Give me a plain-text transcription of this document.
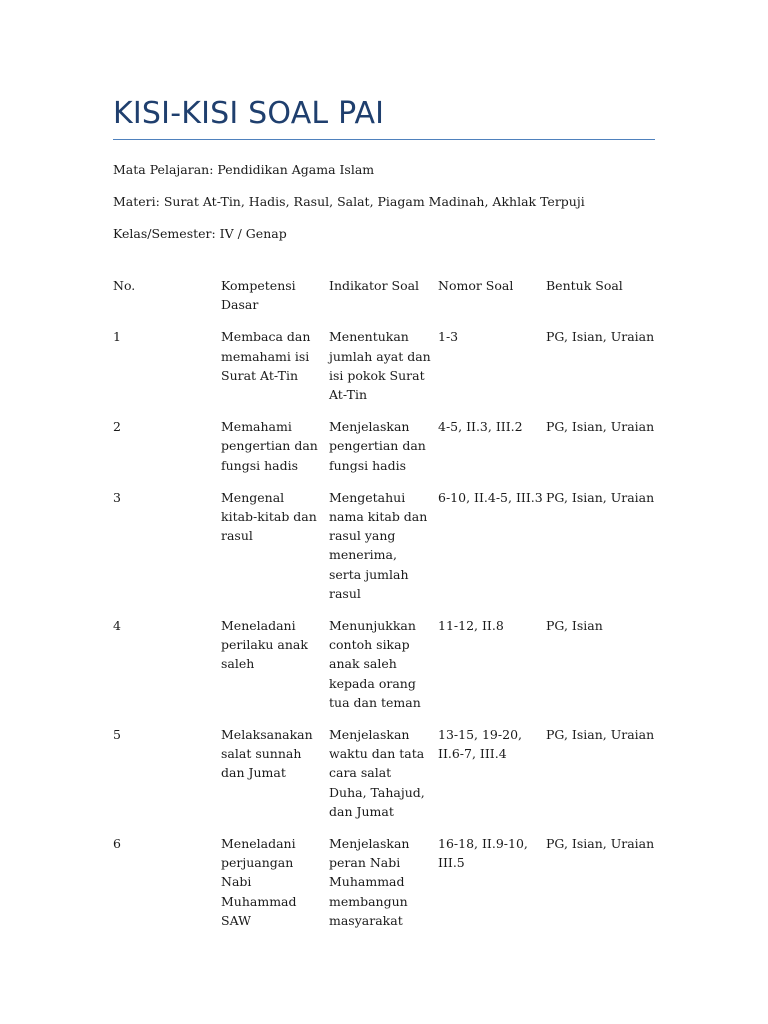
KISI-KISI SOAL PAI

Mata Pelajaran: Pendidikan Agama Islam

Materi: Surat At-Tin, Hadis, Rasul, Salat, Piagam Madinah, Akhlak Terpuji

Kelas/Semester: IV / Genap

No.	Kompetensi Dasar	Indikator Soal	Nomor Soal	Bentuk Soal
1	Membaca dan memahami isi Surat At-Tin	Menentukan jumlah ayat dan isi pokok Surat At-Tin	1-3	PG, Isian, Uraian
2	Memahami pengertian dan fungsi hadis	Menjelaskan pengertian dan fungsi hadis	4-5, II.3, III.2	PG, Isian, Uraian
3	Mengenal kitab-kitab dan rasul	Mengetahui nama kitab dan rasul yang menerima, serta jumlah rasul	6-10, II.4-5, III.3	PG, Isian, Uraian
4	Meneladani perilaku anak saleh	Menunjukkan contoh sikap anak saleh kepada orang tua dan teman	11-12, II.8	PG, Isian
5	Melaksanakan salat sunnah dan Jumat	Menjelaskan waktu dan tata cara salat Duha, Tahajud, dan Jumat	13-15, 19-20, II.6-7, III.4	PG, Isian, Uraian
6	Meneladani perjuangan Nabi Muhammad SAW	Menjelaskan peran Nabi Muhammad membangun masyarakat	16-18, II.9-10, III.5	PG, Isian, Uraian
